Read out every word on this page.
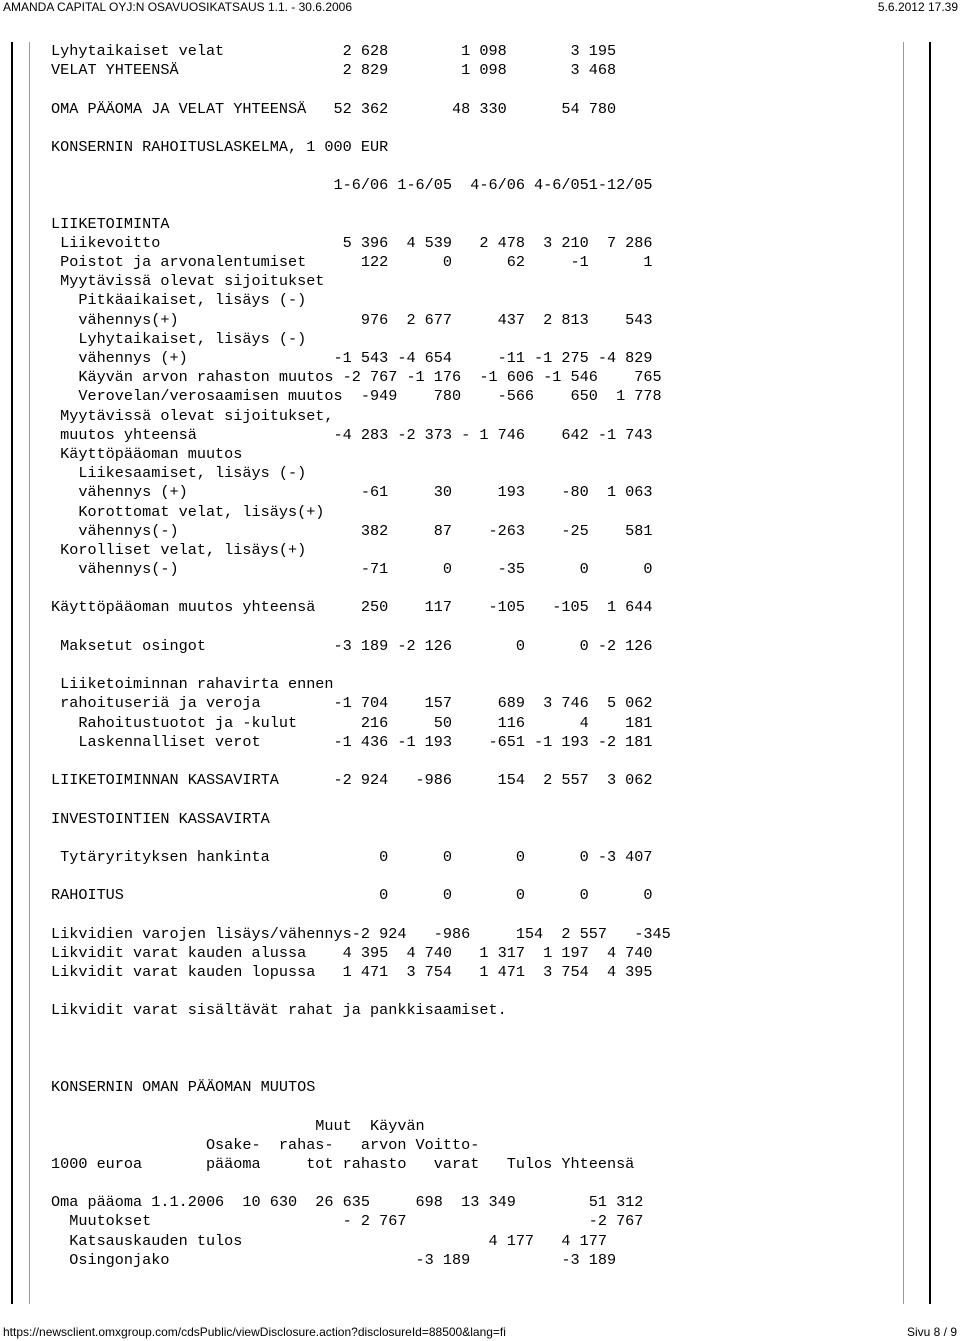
AMANDA CAPITAL OYJ:N OSAVUOSIKATSAUS 1.1. - 30.6.2006	5.6.2012 17.39
Lyhytaikaiset velat             2 628        1 098       3 195
VELAT YHTEENSÄ                  2 829        1 098       3 468
OMA PÄÄOMA JA VELAT YHTEENSÄ   52 362       48 330      54 780
KONSERNIN RAHOITUSLASKELMA, 1 000 EUR
1-6/06 1-6/05  4-6/06 4-6/051-12/05
LIIKETOIMINTA
Liikevoitto                    5 396  4 539   2 478  3 210  7 286
Poistot ja arvonalentumiset      122      0      62     -1      1
Myytävissä olevat sijoitukset
Pitkäaikaiset, lisäys (-)
vähennys(+)                    976  2 677     437  2 813    543
Lyhytaikaiset, lisäys (-)
vähennys (+)                -1 543 -4 654     -11 -1 275 -4 829
Käyvän arvon rahaston muutos -2 767 -1 176  -1 606 -1 546    765
Verovelan/verosaamisen muutos  -949    780    -566    650  1 778
Myytävissä olevat sijoitukset,
muutos yhteensä               -4 283 -2 373 - 1 746    642 -1 743
Käyttöpääoman muutos
Liikesaamiset, lisäys (-)
vähennys (+)                   -61     30     193    -80  1 063
Korottomat velat, lisäys(+)
vähennys(-)                    382     87    -263    -25    581
Korolliset velat, lisäys(+)
vähennys(-)                    -71      0     -35      0      0
Käyttöpääoman muutos yhteensä     250    117    -105   -105  1 644
Maksetut osingot              -3 189 -2 126       0      0 -2 126
Liiketoiminnan rahavirta ennen
rahoituseriä ja veroja        -1 704    157     689  3 746  5 062
Rahoitustuotot ja -kulut       216     50     116      4    181
Laskennalliset verot        -1 436 -1 193    -651 -1 193 -2 181
LIIKETOIMINNAN KASSAVIRTA      -2 924   -986     154  2 557  3 062
INVESTOINTIEN KASSAVIRTA
Tytäryrityksen hankinta            0      0       0      0 -3 407
RAHOITUS                            0      0       0      0      0
Likvidien varojen lisäys/vähennys-2 924   -986     154  2 557   -345
Likvidit varat kauden alussa    4 395  4 740   1 317  1 197  4 740
Likvidit varat kauden lopussa   1 471  3 754   1 471  3 754  4 395
Likvidit varat sisältävät rahat ja pankkisaamiset.
KONSERNIN OMAN PÄÄOMAN MUUTOS
Muut  Käyvän
Osake-  rahas-   arvon Voitto-
1000 euroa       pääoma     tot rahasto   varat   Tulos Yhteensä
Oma pääoma 1.1.2006  10 630  26 635     698  13 349        51 312
Muutokset                     - 2 767                    -2 767
Katsauskauden tulos                           4 177   4 177
Osingonjako                           -3 189          -3 189
https://newsclient.omxgroup.com/cdsPublic/viewDisclosure.action?disclosureId=88500&lang=fi	Sivu 8 / 9
